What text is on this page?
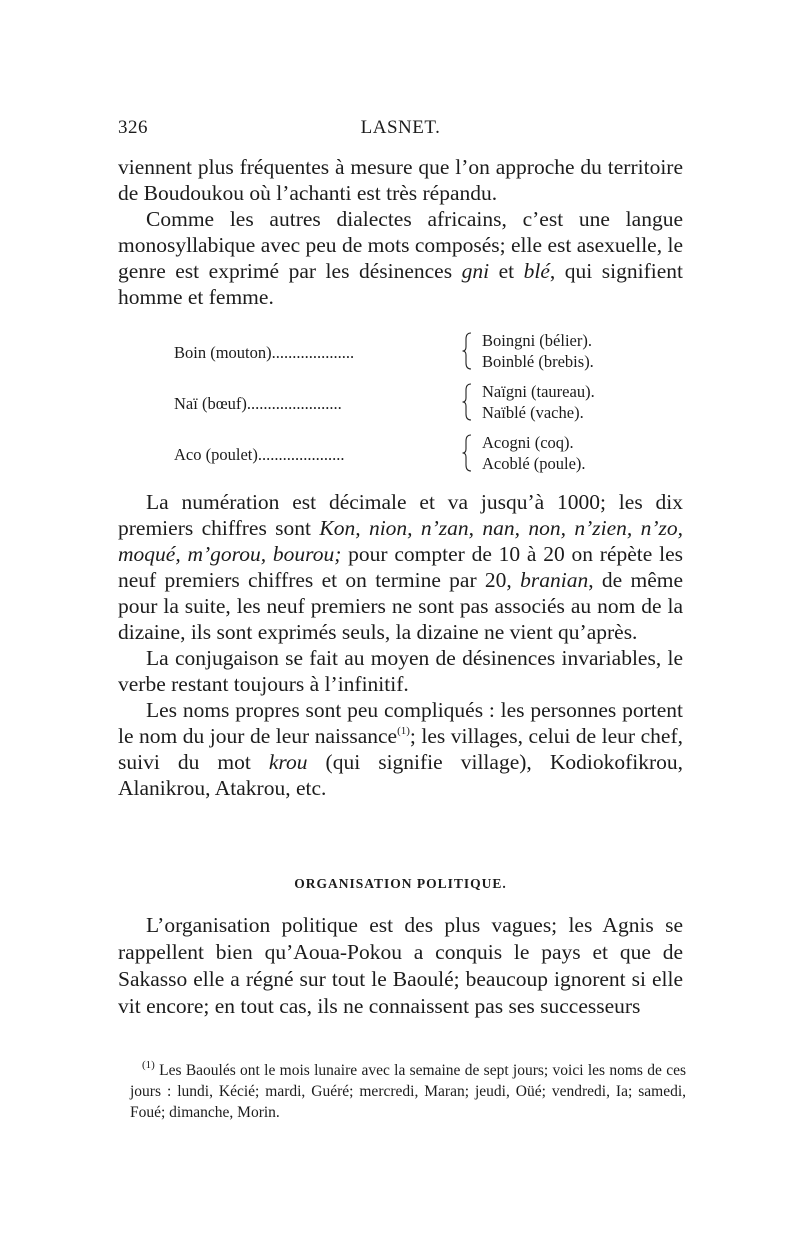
326	LASNET.

viennent plus fréquentes à mesure que l’on approche du territoire de Boudoukou où l’achanti est très répandu.

Comme les autres dialectes africains, c’est une langue monosyllabique avec peu de mots composés; elle est asexuelle, le genre est exprimé par les désinences gni et blé, qui signifient homme et femme.

Boin (mouton)....................
Boingni (bélier).
Boinblé (brebis).
Naï (bœuf).......................
Naïgni (taureau).
Naïblé (vache).
Aco (poulet).....................
Acogni (coq).
Acoblé (poule).

La numération est décimale et va jusqu’à 1000; les dix premiers chiffres sont Kon, nion, n’zan, nan, non, n’zien, n’zo, moqué, m’gorou, bourou; pour compter de 10 à 20 on répète les neuf premiers chiffres et on termine par 20, branian, de même pour la suite, les neuf premiers ne sont pas associés au nom de la dizaine, ils sont exprimés seuls, la dizaine ne vient qu’après.

La conjugaison se fait au moyen de désinences invariables, le verbe restant toujours à l’infinitif.

Les noms propres sont peu compliqués : les personnes portent le nom du jour de leur naissance$^{(1)}$; les villages, celui de leur chef, suivi du mot krou (qui signifie village), Kodiokofikrou, Alanikrou, Atakrou, etc.

ORGANISATION POLITIQUE.

L’organisation politique est des plus vagues; les Agnis se rappellent bien qu’Aoua-Pokou a conquis le pays et que de Sakasso elle a régné sur tout le Baoulé; beaucoup ignorent si elle vit encore; en tout cas, ils ne connaissent pas ses successeurs

$^{(1)}$ Les Baoulés ont le mois lunaire avec la semaine de sept jours; voici les noms de ces jours : lundi, Kécié; mardi, Guéré; mercredi, Maran; jeudi, Oüé; vendredi, Ia; samedi, Foué; dimanche, Morin.
